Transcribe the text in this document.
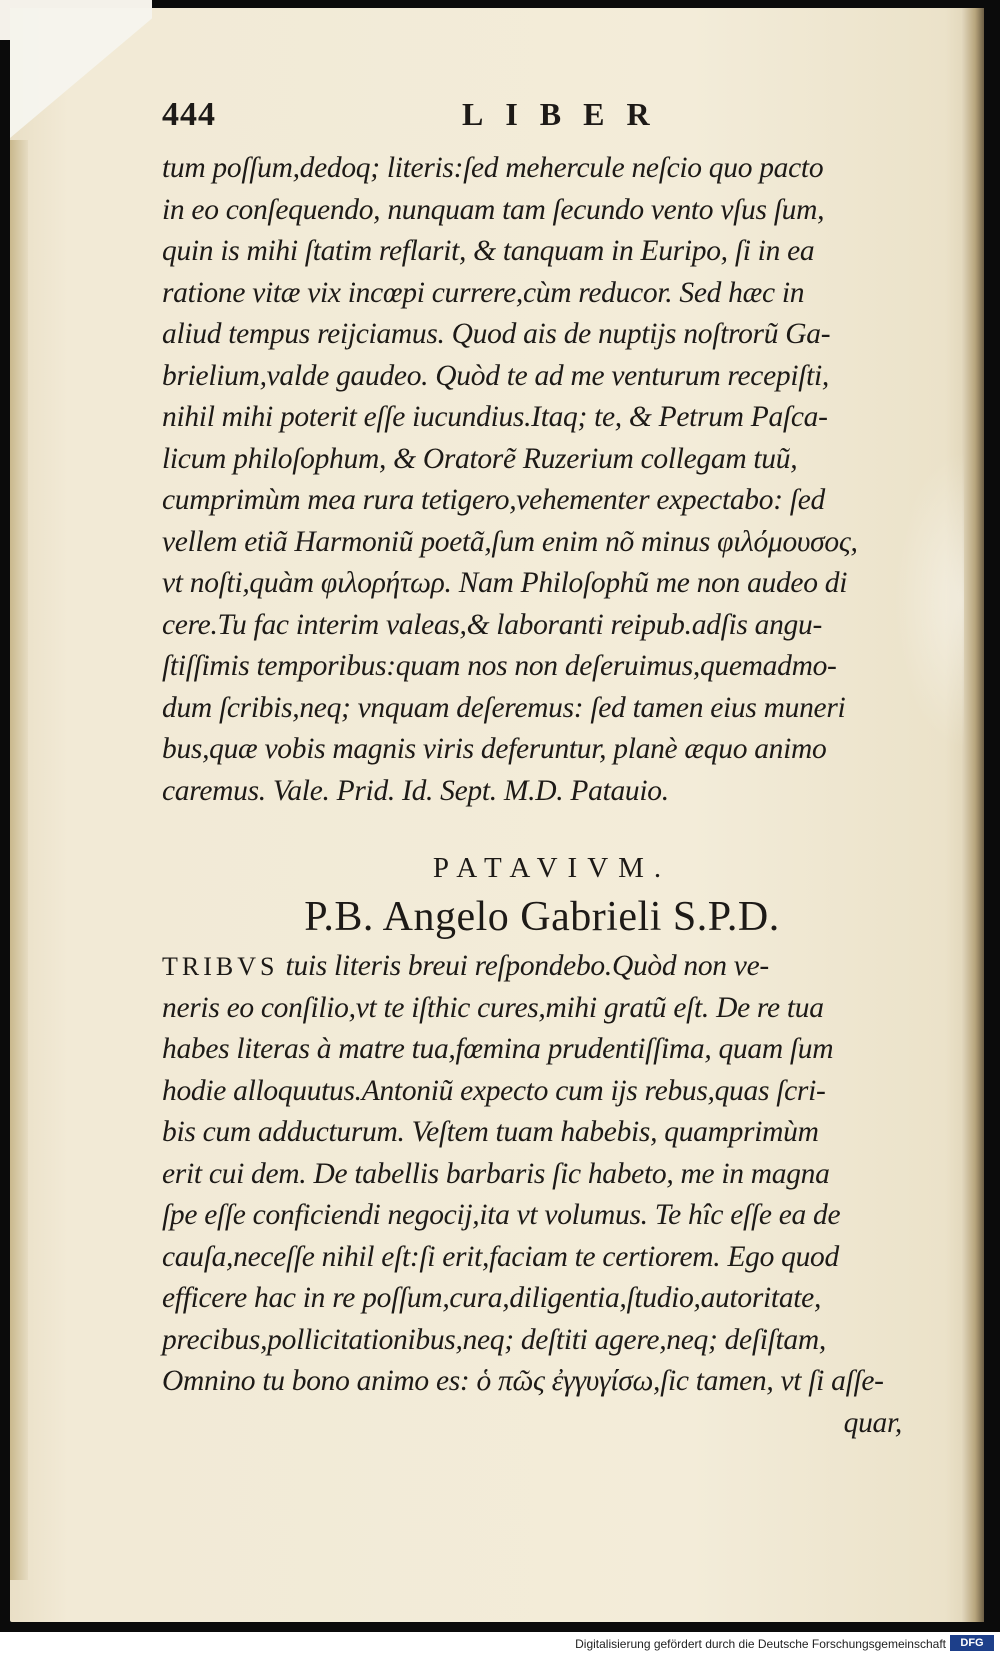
444	LIBER
tum poſſum,dedoq; literis:ſed mehercule neſcio quo pacto
in eo conſequendo, nunquam tam ſecundo vento vſus ſum,
quin is mihi ſtatim reflarit, & tanquam in Euripo, ſi in ea
ratione vitæ vix incœpi currere,cùm reducor. Sed hæc in
aliud tempus reijciamus. Quod ais de nuptijs noſtrorũ Ga-
brielium,valde gaudeo. Quòd te ad me venturum recepiſti,
nihil mihi poterit eſſe iucundius.Itaq; te, & Petrum Paſca-
licum philoſophum, & Oratorẽ Ruzerium collegam tuũ,
cumprimùm mea rura tetigero,vehementer expectabo: ſed
vellem etiã Harmoniũ poetã,ſum enim nõ minus φιλόμουσος,
vt noſti,quàm φιλορήτωρ. Nam Philoſophũ me non audeo di
cere.Tu fac interim valeas,& laboranti reipub.adſis angu-
ſtiſſimis temporibus:quam nos non deſeruimus,quemadmo-
dum ſcribis,neq; vnquam deſeremus: ſed tamen eius muneri
bus,quæ vobis magnis viris deferuntur, planè æquo animo
caremus. Vale. Prid. Id. Sept. M.D. Patauio.
PATAVIVM.
P.B. Angelo Gabrieli S.P.D.
TRIBVS tuis literis breui reſpondebo.Quòd non ve-
neris eo conſilio,vt te iſthic cures,mihi gratũ eſt. De re tua
habes literas à matre tua,fœmina prudentiſſima, quam ſum
hodie alloquutus.Antoniũ expecto cum ijs rebus,quas ſcri-
bis cum adducturum. Veſtem tuam habebis, quamprimùm
erit cui dem. De tabellis barbaris ſic habeto, me in magna
ſpe eſſe conficiendi negocij,ita vt volumus. Te hîc eſſe ea de
cauſa,neceſſe nihil eſt:ſi erit,faciam te certiorem. Ego quod
efficere hac in re poſſum,cura,diligentia,ſtudio,autoritate,
precibus,pollicitationibus,neq; deſtiti agere,neq; deſiſtam,
Omnino tu bono animo es: ὁ πῶς ἐγγυγίσω,ſic tamen, vt ſi aſſe-
quar,
Digitalisierung gefördert durch die Deutsche Forschungsgemeinschaft	DFG
